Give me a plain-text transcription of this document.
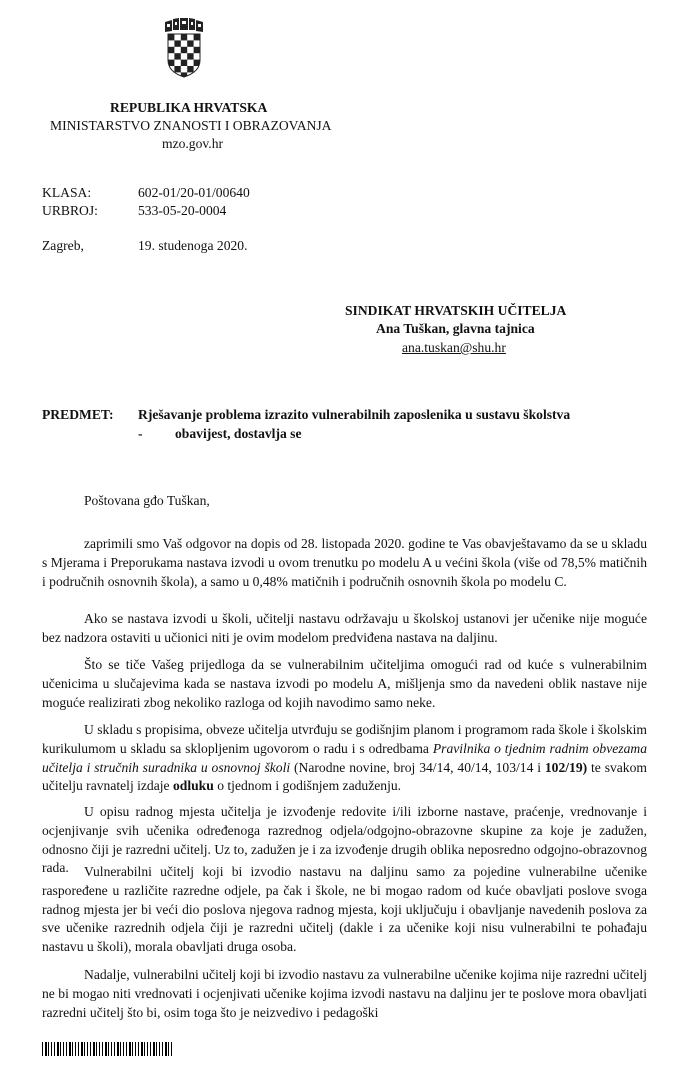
REPUBLIKA HRVATSKA
MINISTARSTVO ZNANOSTI I OBRAZOVANJA
mzo.gov.hr
KLASA:	602-01/20-01/00640
URBROJ:	533-05-20-0004
Zagreb,	19. studenoga 2020.
SINDIKAT HRVATSKIH UČITELJA
Ana Tuškan, glavna tajnica
ana.tuskan@shu.hr
PREDMET: Rješavanje problema izrazito vulnerabilnih zaposlenika u sustavu školstva
- obavijest, dostavlja se
Poštovana gđo Tuškan,
zaprimili smo Vaš odgovor na dopis od 28. listopada 2020. godine te Vas obavještavamo da se u skladu s Mjerama i Preporukama nastava izvodi u ovom trenutku po modelu A u većini škola (više od 78,5% matičnih i područnih osnovnih škola), a samo u 0,48% matičnih i područnih osnovnih škola po modelu C.
Ako se nastava izvodi u školi, učitelji nastavu održavaju u školskoj ustanovi jer učenike nije moguće bez nadzora ostaviti u učionici niti je ovim modelom predviđena nastava na daljinu.
Što se tiče Vašeg prijedloga da se vulnerabilnim učiteljima omogući rad od kuće s vulnerabilnim učenicima u slučajevima kada se nastava izvodi po modelu A, mišljenja smo da navedeni oblik nastave nije moguće realizirati zbog nekoliko razloga od kojih navodimo samo neke.
U skladu s propisima, obveze učitelja utvrđuju se godišnjim planom i programom rada škole i školskim kurikulumom u skladu sa sklopljenim ugovorom o radu i s odredbama Pravilnika o tjednim radnim obvezama učitelja i stručnih suradnika u osnovnoj školi (Narodne novine, broj 34/14, 40/14, 103/14 i 102/19) te svakom učitelju ravnatelj izdaje odluku o tjednom i godišnjem zaduženju.
U opisu radnog mjesta učitelja je izvođenje redovite i/ili izborne nastave, praćenje, vrednovanje i ocjenjivanje svih učenika određenoga razrednog odjela/odgojno-obrazovne skupine za koje je zadužen, odnosno čiji je razredni učitelj. Uz to, zadužen je i za izvođenje drugih oblika neposredno odgojno-obrazovnog rada.	Vulnerabilni učitelj koji bi izvodio nastavu na daljinu samo za pojedine vulnerabilne učenike raspoređene u različite razredne odjele, pa čak i škole, ne bi mogao radom od kuće obavljati poslove svoga radnog mjesta jer bi veći dio poslova njegova radnog mjesta, koji uključuju i obavljanje navedenih poslova za sve učenike razrednih odjela čiji je razredni učitelj (dakle i za učenike koji nisu vulnerabilni te pohađaju nastavu u školi), morala obavljati druga osoba.
Nadalje, vulnerabilni učitelj koji bi izvodio nastavu za vulnerabilne učenike kojima nije razredni učitelj ne bi mogao niti vrednovati i ocjenjivati učenike kojima izvodi nastavu na daljinu jer te poslove mora obavljati razredni učitelj što bi, osim toga što je neizvedivo i pedagoški
